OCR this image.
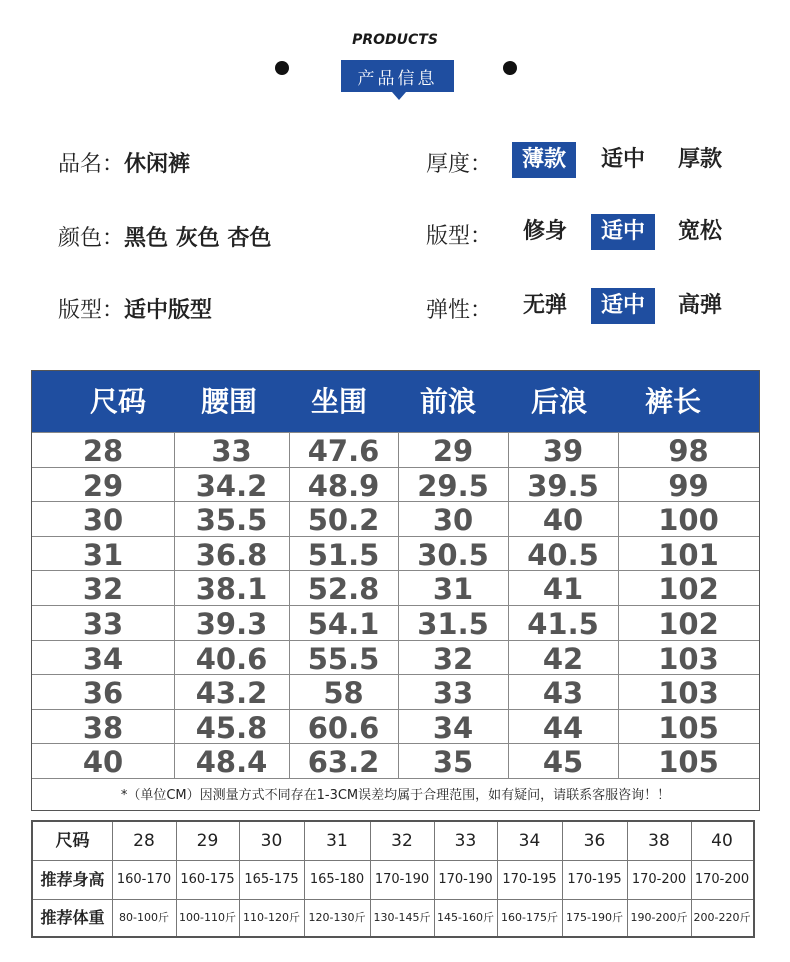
PRODUCTS
产品信息
品名：休闲裤
颜色：黑色 灰色 杏色
版型：适中版型
厚度：	薄款	适中	厚款
版型：	修身	适中	宽松
弹性：	无弹	适中	高弹
尺码	腰围	坐围	前浪	后浪	裤长
28	33	47.6	29	39	98
29	34.2	48.9	29.5	39.5	99
30	35.5	50.2	30	40	100
31	36.8	51.5	30.5	40.5	101
32	38.1	52.8	31	41	102
33	39.3	54.1	31.5	41.5	102
34	40.6	55.5	32	42	103
36	43.2	58	33	43	103
38	45.8	60.6	34	44	105
40	48.4	63.2	35	45	105
*（单位CM）因测量方式不同存在1-3CM误差均属于合理范围，如有疑问，请联系客服咨询！！
尺码	28	29	30	31	32	33	34	36	38	40
推荐身高 160-170 160-175 165-175 165-180 170-190 170-190 170-195 170-195 170-200 170-200
推荐体重	80-100斤 100-110斤 110-120斤 120-130斤 130-145斤 145-160斤 160-175斤 175-190斤 190-200斤 200-220斤
